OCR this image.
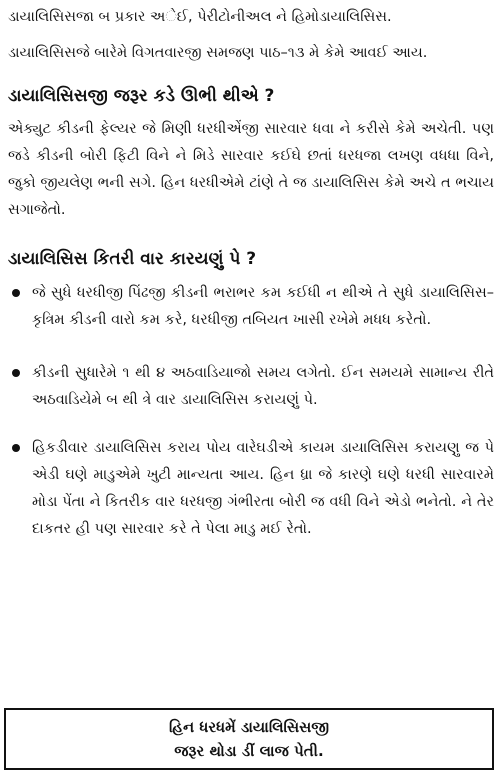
ડાયાલિસિસજા બ પ્રકાર અેઈ, પેરીટોનીઅલ ને હિમોડાયાલિસિસ.

ડાયાલિસિસજે બારેમે વિગતવારજી સમજણ પાઠ–૧૩ મે કેમે આવઈ આય.

ડાયાલિસિસજી જરૂર કડે ઊભી થીએ ?

એક્યુટ કીડની ફેલ્યર જે મિણી ધરધીએંજી સારવાર ધવા ને કરીસે કેમે અચેતી. પણ જડે કીડની બોરી ફિટી વિને ને મિડે સારવાર કઈઘે છતાં ધરધજા લખણ વધધા વિને, જુકો જીયલેણ ભની સગે. હિન ધરધીએમે ટાંણે તે જ ડાયાલિસિસ કેમે અચે ત ભચાય સગાજેતો.

ડાયાલિસિસ કિતરી વાર કારયણું પે ?
જે સુધે ધરધીજી પિંઢજી કીડની ભરાભર કમ કઈધી ન થીએ તે સુધે ડાયાલિસિસ–કૃત્રિમ કીડની વારો કમ કરે, ધરધીજી તબિયત ખાસી રખેમે મધધ કરેતો.
કીડની સુધારેમે ૧ થી ૪ અઠવાડિયાજો સમય લગેતો. ઈન સમયમે સામાન્ય રીતે અઠવાડિયેમે બ થી ત્રે વાર ડાયાલિસિસ કરાયણું પે.
હિકડીવાર ડાયાલિસિસ કરાય પોય વારેઘડીએ કાયમ ડાયાલિસિસ કરાયણુ જ પે એડી ઘણે માડુએમે ખુટી માન્યતા આય. હિન ધ્રા જે કારણે ઘણે ધરધી સારવારમે મોડા પેંતા ને કિતરીક વાર ધરધજી ગંભીરતા બોરી જ વધી વિને એડો ભનેતો. ને તેર દાકતર હી પણ સારવાર કરે તે પેલા માડુ મઈ રેતો.
હિન ધરધમેં ડાયાલિસિસજી
જરૂર થોડા ડીં લાજ પેતી.
